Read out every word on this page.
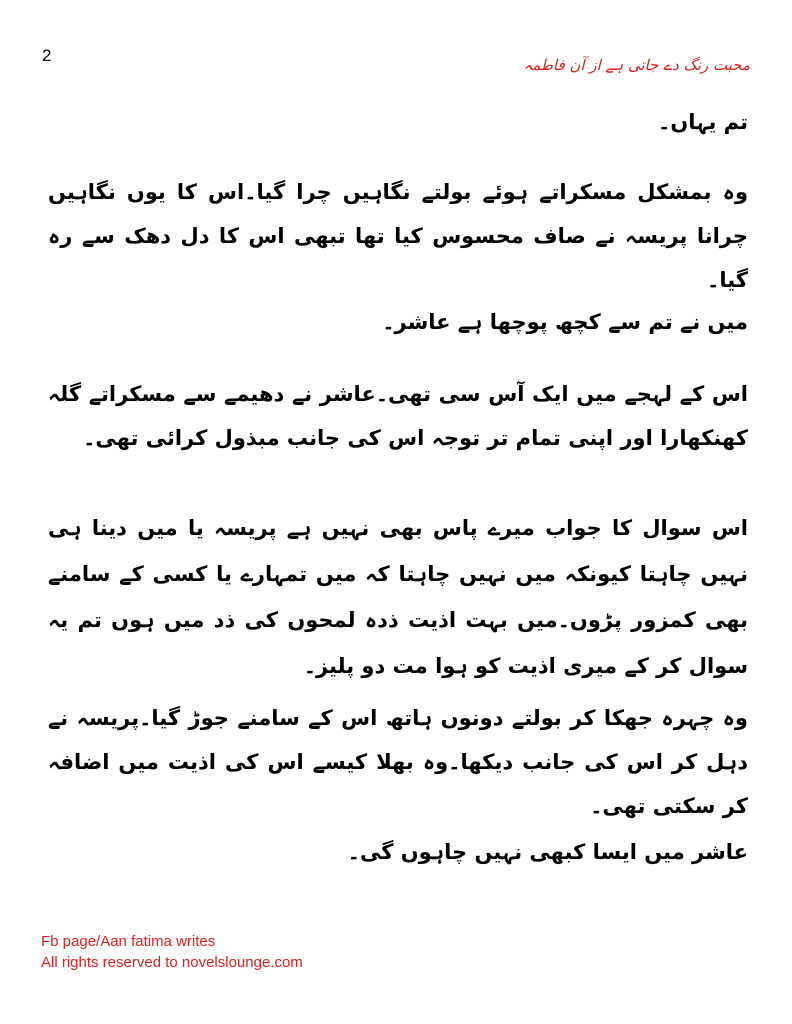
2	محبت رنگ دے جاتی ہے از آن فاطمہ

تم یہاں۔

وہ بمشکل مسکراتے ہوئے بولتے نگاہیں چرا گیا۔اس کا یوں نگاہیں چرانا پریسہ نے صاف محسوس کیا تھا تبھی اس کا دل دھک سے رہ گیا۔

میں نے تم سے کچھ پوچھا ہے عاشر۔

اس کے لہجے میں ایک آس سی تھی۔عاشر نے دھیمے سے مسکراتے گلہ کھنکھارا اور اپنی تمام تر توجہ اس کی جانب مبذول کرائی تھی۔

اس سوال کا جواب میرے پاس بھی نہیں ہے پریسہ یا میں دینا ہی نہیں چاہتا کیونکہ میں نہیں چاہتا کہ میں تمہارے یا کسی کے سامنے بھی کمزور پڑوں۔میں بہت اذیت ذدہ لمحوں کی ذد میں ہوں تم یہ سوال کر کے میری اذیت کو ہوا مت دو پلیز۔

وہ چہرہ جھکا کر بولتے دونوں ہاتھ اس کے سامنے جوڑ گیا۔پریسہ نے دہل کر اس کی جانب دیکھا۔وہ بھلا کیسے اس کی اذیت میں اضافہ کر سکتی تھی۔

عاشر میں ایسا کبھی نہیں چاہوں گی۔

Fb page/Aan fatima writes
All rights reserved to novelslounge.com
